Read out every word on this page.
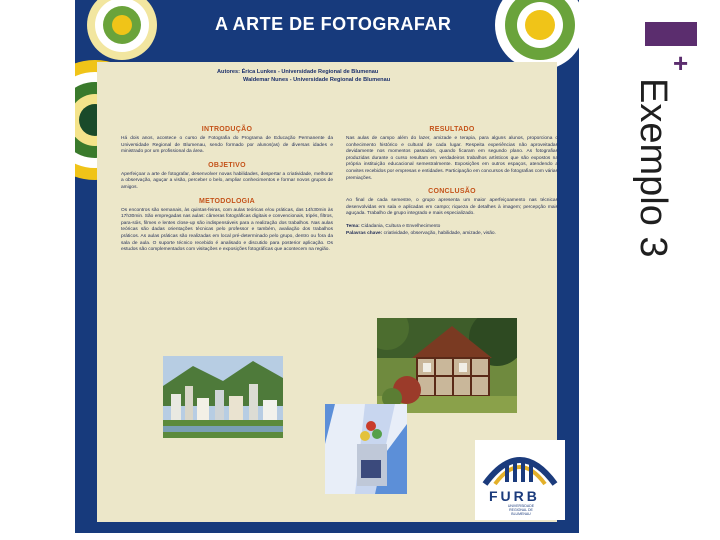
A ARTE DE FOTOGRAFAR
Autores: Érica Lunkes - Universidade Regional de Blumenau
Waldemar Nunes - Universidade Regional de Blumenau
INTRODUÇÃO

Há dois anos, acontece o curso de Fotografia do Programa de Educação Permanente da Universidade Regional de Blumenau, sendo formado por alunos(as) de diversas idades e ministrado por um profissional da área.

OBJETIVO

Aperfeiçoar a arte de fotografar, desenvolver novas habilidades, despertar a criatividade, melhorar a observação, aguçar a visão, perceber o belo, ampliar conhecimentos e formar novos grupos de amigos.

METODOLOGIA

Os encontros são semanais, às quintas-feiras, com aulas teóricas e/ou práticas, das 14h30min às 17h30min. São empregadas nas aulas: câmeras fotográficas digitais e convencionais, tripés, filtros, para-sóis, filmes e lentes close-up são indispensáveis para a realização dos trabalhos. Nas aulas teóricas são dadas orientações técnicas pelo professor e também, avaliação dos trabalhos práticos. As aulas práticas são realizadas em local pré-determinado pelo grupo, dentro ou fora da sala de aula. O suporte técnico recebido é analisado e discutido para posterior aplicação. Os estudos são complementados com visitações e exposições fotográficas que acontecem na região.

RESULTADO

Nas aulas de campo além do lazer, amizade e terapia, para alguns alunos, proporciona o conhecimento histórico e cultural de cada lugar. Respeita experiências não aproveitadas devidamente nos momentos passados, quando ficaram em segundo plano. As fotografias produzidas durante o curso resultam em verdadeiros trabalhos artísticos que são expostos na própria instituição educacional semestralmente. Exposições em outros espaços, atendendo a convites recebidos por empresas e entidades. Participação em concursos de fotografias com várias premiações.

CONCLUSÃO

Ao final de cada semestre, o grupo apresenta um maior aperfeiçoamento nas técnicas desenvolvidas em sala e aplicadas em campo; riqueza de detalhes à imagem; percepção mais aguçada. Trabalho de grupo integrado e mais especializado.

Tema: Cidadania, Cultura e Envelhecimento
Palavras chave: criatividade, observação, habilidade, amizade, visão.

FURB
UNIVERSIDADE REGIONAL DE BLUMENAU
+
Exemplo 3
